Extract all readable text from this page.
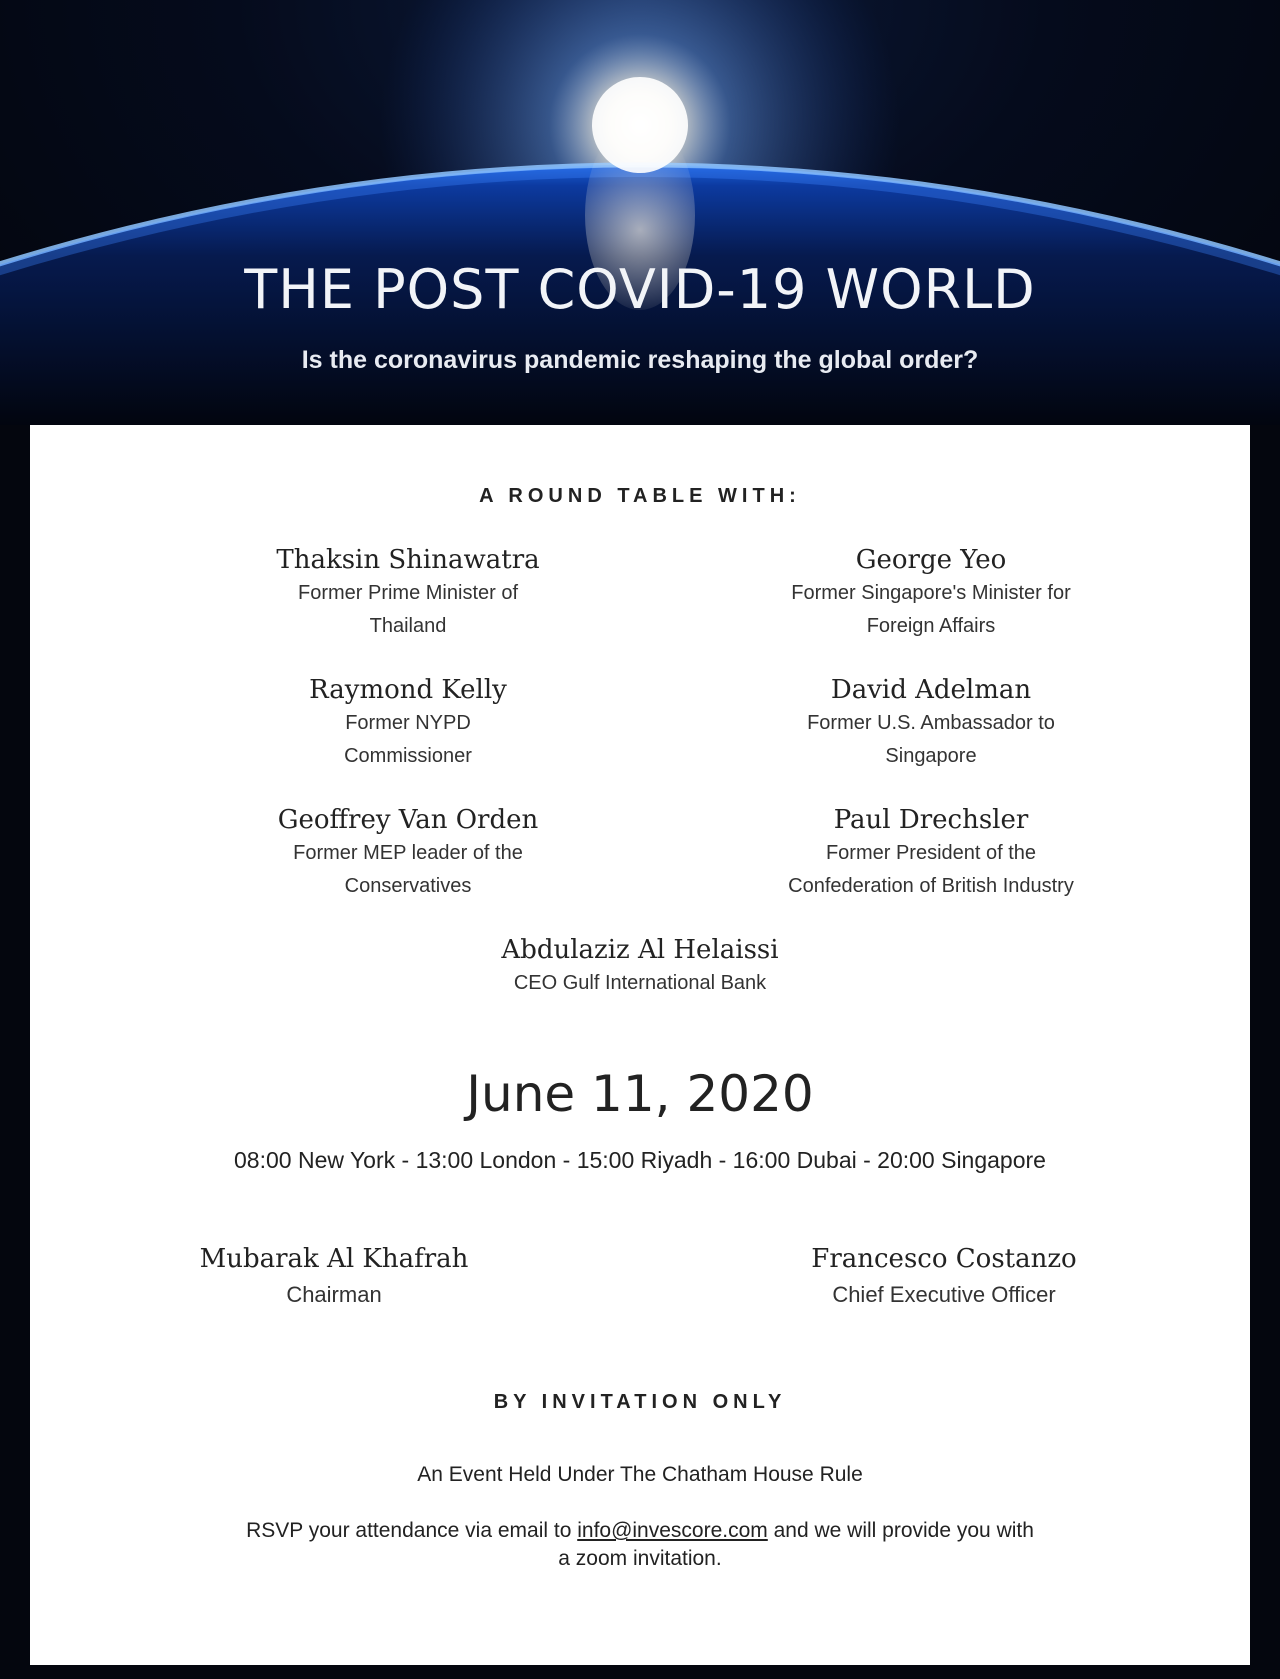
THE POST COVID-19 WORLD

Is the coronavirus pandemic reshaping the global order?

A ROUND TABLE WITH:
Thaksin Shinawatra
Former Prime Minister of
Thailand
George Yeo
Former Singapore's Minister for
Foreign Affairs
Raymond Kelly
Former NYPD
Commissioner
David Adelman
Former U.S. Ambassador to
Singapore
Geoffrey Van Orden
Former MEP leader of the
Conservatives
Paul Drechsler
Former President of the
Confederation of British Industry
Abdulaziz Al Helaissi
CEO Gulf International Bank
June 11, 2020
08:00 New York - 13:00 London - 15:00 Riyadh - 16:00 Dubai - 20:00 Singapore
Mubarak Al Khafrah
Chairman
Francesco Costanzo
Chief Executive Officer
BY INVITATION ONLY
An Event Held Under The Chatham House Rule
RSVP your attendance via email to info@invescore.com and we will provide you with a zoom invitation.
